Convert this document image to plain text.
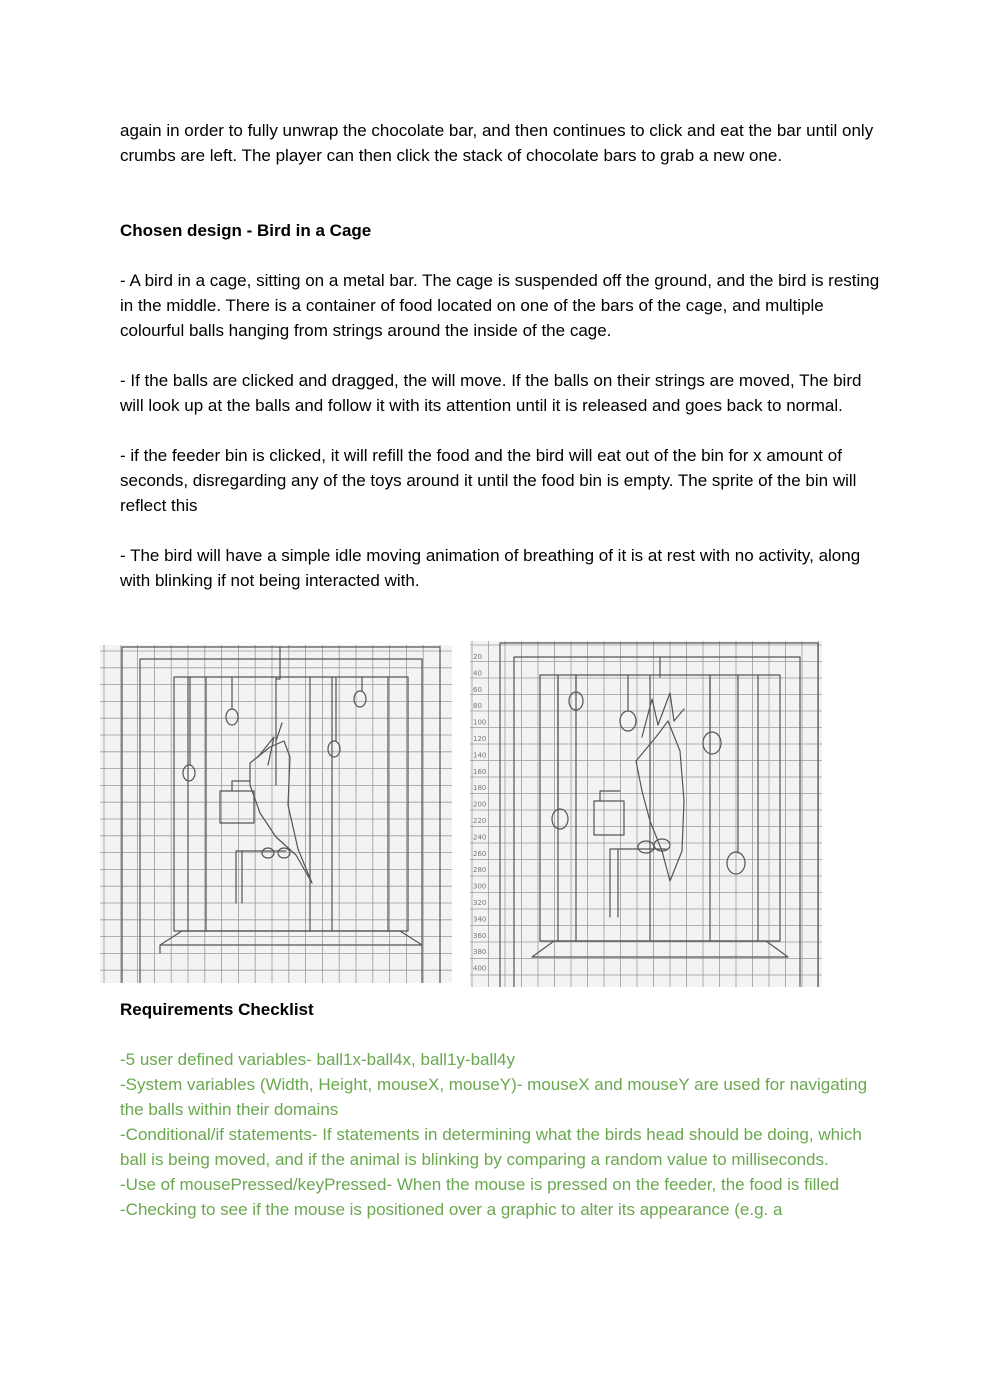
again in order to fully unwrap the chocolate bar, and then continues to click and eat the bar until only crumbs are left. The player can then click the stack of chocolate bars to grab a new one.

Chosen design - Bird in a Cage

- A bird in a cage, sitting on a metal bar. The cage is suspended off the ground, and the bird is resting in the middle. There is a container of food located on one of the bars of the cage, and multiple colourful balls hanging from strings around the inside of the cage.

- If the balls are clicked and dragged, the will move. If the balls on their strings are moved, The bird will look up at the balls and follow it with its attention until it is released and goes back to normal.

- if the feeder bin is clicked, it will refill the food and the bird will eat out of the bin for x amount of seconds, disregarding any of the toys around it until the food bin is empty. The sprite of the bin will reflect this

- The bird will have a simple idle moving animation of breathing of it is at rest with no activity, along with blinking if not being interacted with.

20
40
60
80
100
120
140
160
180
200
220
240
260
280
300
320
340
360
380
400

Requirements Checklist

-5 user defined variables- ball1x-ball4x, ball1y-ball4y

-System variables (Width, Height, mouseX, mouseY)- mouseX and mouseY are used for navigating the balls within their domains

-Conditional/if statements- If statements in determining what the birds head should be doing, which ball is being moved, and if the animal is blinking by comparing a random value to milliseconds.

-Use of mousePressed/keyPressed- When the mouse is pressed on the feeder, the food is filled

-Checking to see if the mouse is positioned over a graphic to alter its appearance (e.g. a
